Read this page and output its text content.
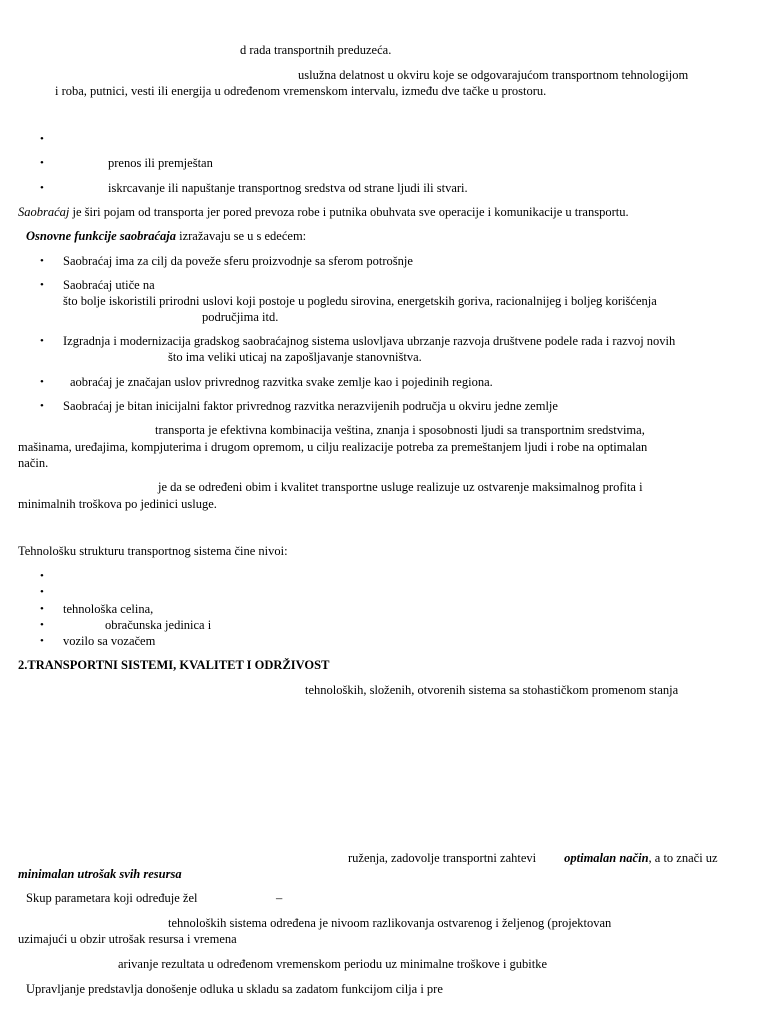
d rada transportnih preduzeća.
uslužna delatnost u okviru koje se odgovarajućom transportnom tehnologijom
i roba, putnici, vesti ili energija u određenom vremenskom intervalu, između dve tačke u prostoru.
•
•
prenos ili premještan
•
iskrcavanje ili napuštanje transportnog sredstva od strane ljudi ili stvari.
Saobraćaj je širi pojam od transporta jer pored prevoza robe i putnika obuhvata sve operacije i komunikacije u transportu.
Osnovne funkcije saobraćaja izražavaju se u s edećem:
•
Saobraćaj ima za cilj da poveže sferu proizvodnje sa sferom potrošnje
•
Saobraćaj utiče na
što bolje iskoristili prirodni uslovi koji postoje u pogledu sirovina, energetskih goriva, racionalnijeg i boljeg korišćenja
područjima itd.
•
Izgradnja i modernizacija gradskog saobraćajnog sistema uslovljava ubrzanje razvoja društvene podele rada i razvoj novih
što ima veliki uticaj na zapošljavanje stanovništva.
•
aobraćaj je značajan uslov privrednog razvitka svake zemlje kao i pojedinih regiona.
•
Saobraćaj je bitan inicijalni faktor privrednog razvitka nerazvijenih područja u okviru jedne zemlje
transporta je efektivna kombinacija veština, znanja i sposobnosti ljudi sa transportnim sredstvima,
mašinama, uređajima, kompjuterima i drugom opremom, u cilju realizacije potreba za premeštanjem ljudi i robe na optimalan
način.
je da se određeni obim i kvalitet transportne usluge realizuje uz ostvarenje maksimalnog profita i
minimalnih troškova po jedinici usluge.
Tehnološku strukturu transportnog sistema čine nivoi:
•
•
•
tehnološka celina,
•
obračunska jedinica i
•
vozilo sa vozačem
2.TRANSPORTNI SISTEMI, KVALITET I ODRŽIVOST
tehnoloških, složenih, otvorenih sistema sa stohastičkom promenom stanja
ruženja, zadovolje transportni zahtevi optimalan način, a to znači uz
minimalan utrošak svih resursa
Skup parametara koji određuje žel	–
tehnoloških sistema određena je nivoom razlikovanja ostvarenog i željenog (projektovan
uzimajući u obzir utrošak resursa i vremena
arivanje rezultata u određenom vremenskom periodu uz minimalne troškove i gubitke
Upravljanje predstavlja donošenje odluka u skladu sa zadatom funkcijom cilja i pre
